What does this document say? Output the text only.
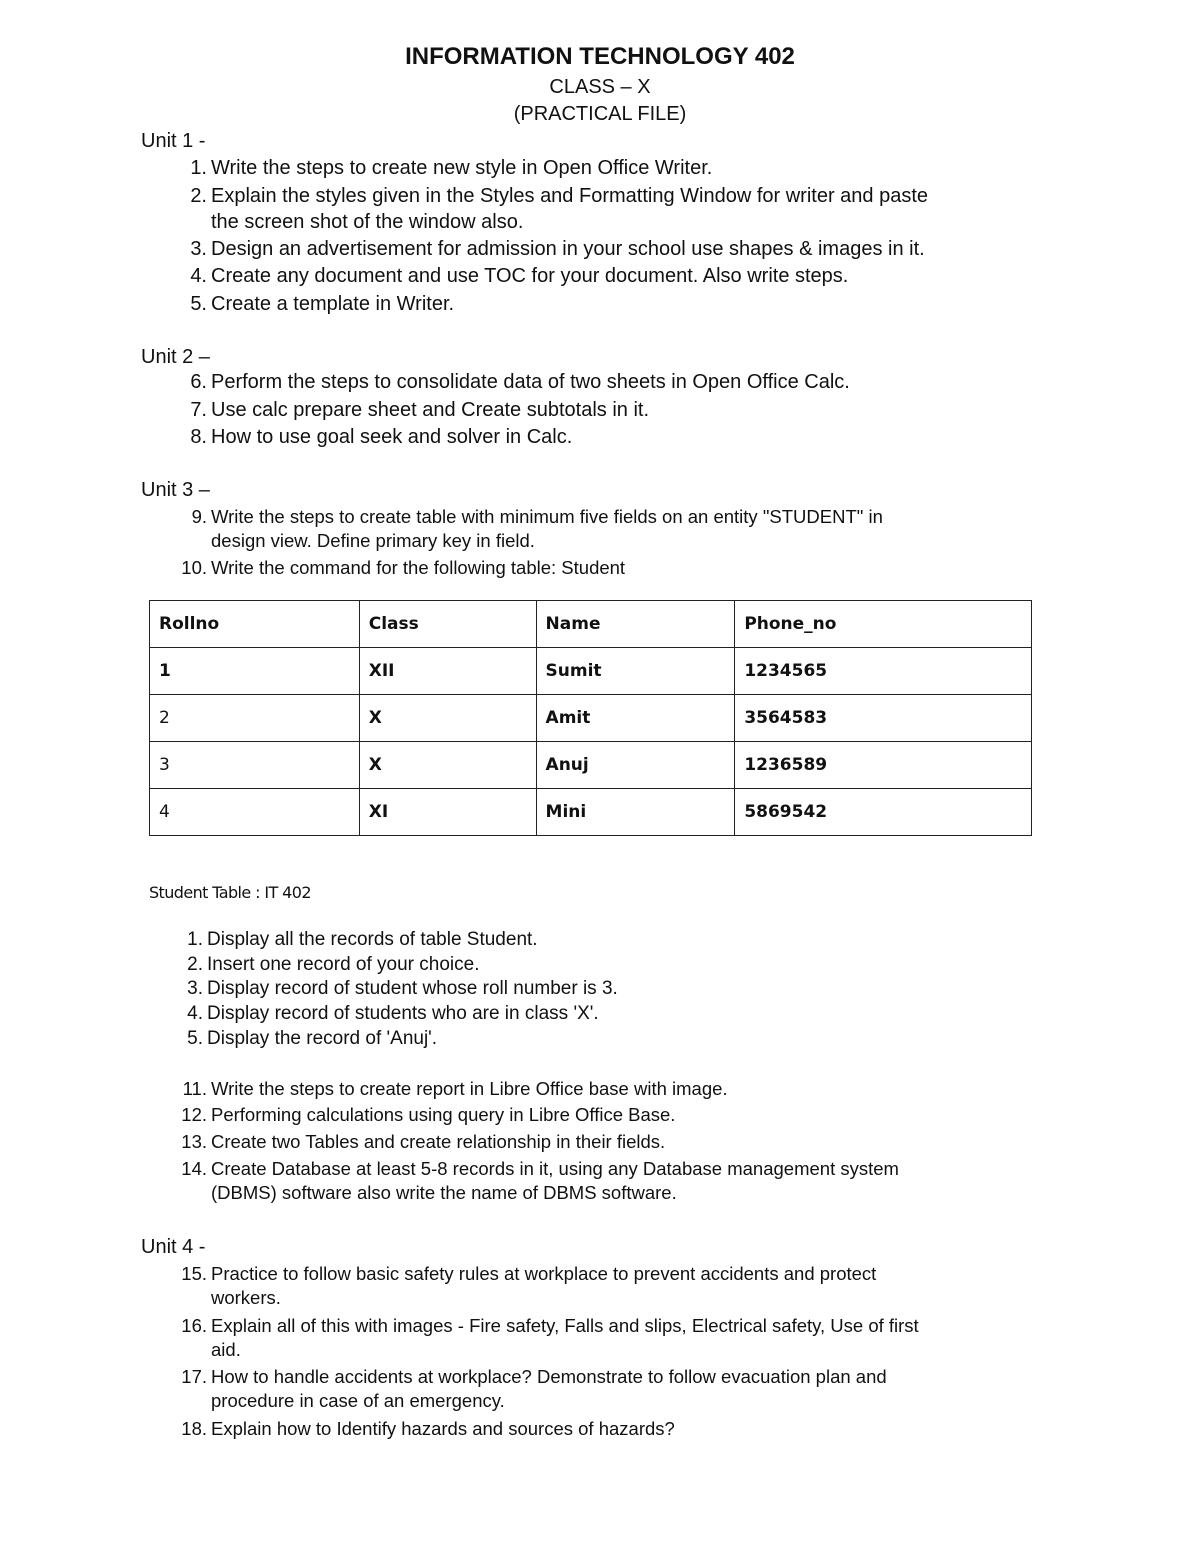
INFORMATION TECHNOLOGY 402
CLASS – X
(PRACTICAL FILE)
Unit 1 -
1. Write the steps to create new style in Open Office Writer.
2. Explain the styles given in the Styles and Formatting Window for writer and paste
the screen shot of the window also.
3. Design an advertisement for admission in your school use shapes & images in it.
4. Create any document and use TOC for your document. Also write steps.
5. Create a template in Writer.
Unit 2 –
6. Perform the steps to consolidate data of two sheets in Open Office Calc.
7. Use calc prepare sheet and Create subtotals in it.
8. How to use goal seek and solver in Calc.
Unit 3 –
9. Write the steps to create table with minimum five fields on an entity "STUDENT" in
design view. Define primary key in field.
10. Write the command for the following table: Student
Rollno	Class	Name	Phone_no
1	XII	Sumit	1234565
2	X	Amit	3564583
3	X	Anuj	1236589
4	XI	Mini	5869542
Student Table : IT 402
1. Display all the records of table Student.
2. Insert one record of your choice.
3. Display record of student whose roll number is 3.
4. Display record of students who are in class 'X'.
5. Display the record of 'Anuj'.
11. Write the steps to create report in Libre Office base with image.
12. Performing calculations using query in Libre Office Base.
13. Create two Tables and create relationship in their fields.
14. Create Database at least 5-8 records in it, using any Database management system
(DBMS) software also write the name of DBMS software.
Unit 4 -
15. Practice to follow basic safety rules at workplace to prevent accidents and protect
workers.
16. Explain all of this with images - Fire safety, Falls and slips, Electrical safety, Use of first
aid.
17. How to handle accidents at workplace? Demonstrate to follow evacuation plan and
procedure in case of an emergency.
18. Explain how to Identify hazards and sources of hazards?
